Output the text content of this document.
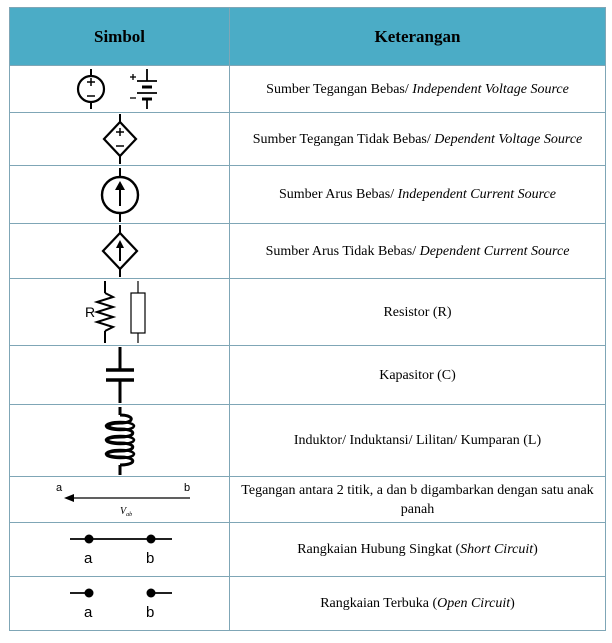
Simbol	Keterangan

	Sumber Tegangan Bebas/ Independent Voltage Source

	Sumber Tegangan Tidak Bebas/ Dependent Voltage Source

	Sumber Arus Bebas/ Independent Current Source

	Sumber Arus Tidak Bebas/ Dependent Current Source

R	Resistor (R)

	Kapasitor (C)

	Induktor/ Induktansi/ Lilitan/ Kumparan (L)

a b
$V_{ab}$	Tegangan antara 2 titik, a dan b digambarkan dengan satu anak panah

a b	Rangkaian Hubung Singkat (Short Circuit)

a b	Rangkaian Terbuka (Open Circuit)
